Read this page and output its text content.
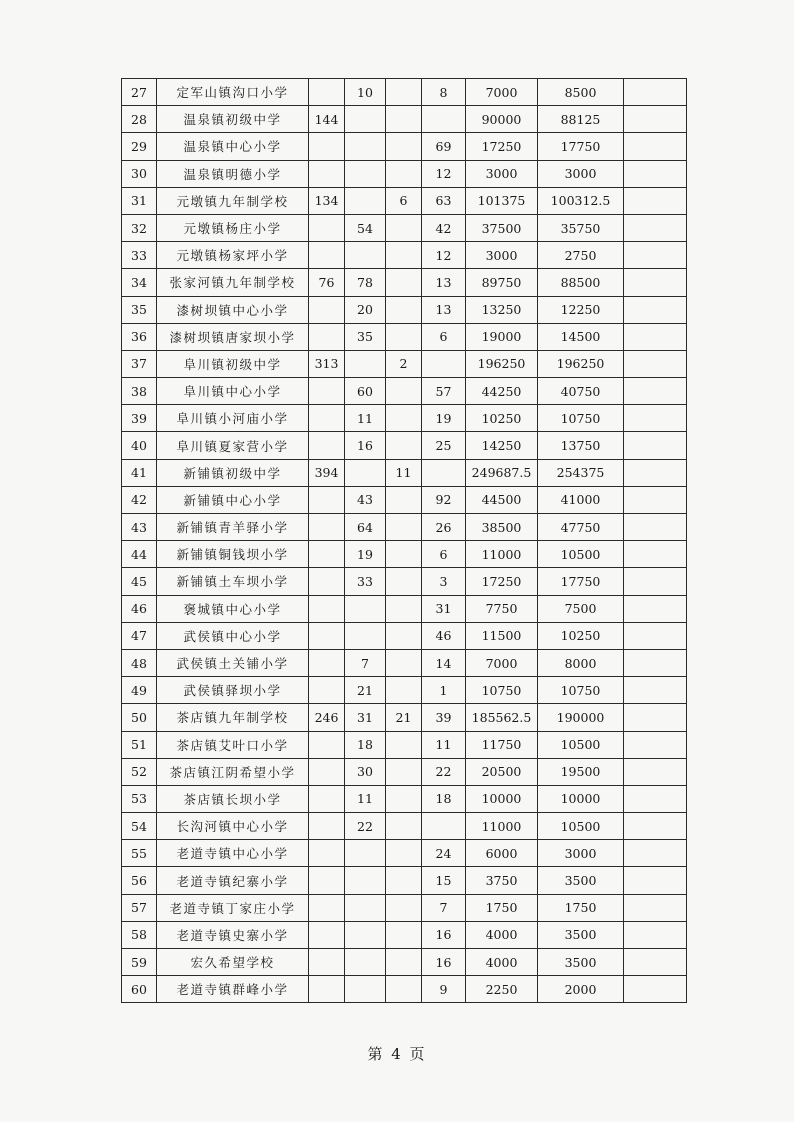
27	定军山镇沟口小学		10		8	7000	8500	
28	温泉镇初级中学	144				90000	88125	
29	温泉镇中心小学				69	17250	17750	
30	温泉镇明德小学				12	3000	3000	
31	元墩镇九年制学校	134		6	63	101375	100312.5	
32	元墩镇杨庄小学		54		42	37500	35750	
33	元墩镇杨家坪小学				12	3000	2750	
34	张家河镇九年制学校	76	78		13	89750	88500	
35	漆树坝镇中心小学		20		13	13250	12250	
36	漆树坝镇唐家坝小学		35		6	19000	14500	
37	阜川镇初级中学	313		2		196250	196250	
38	阜川镇中心小学		60		57	44250	40750	
39	阜川镇小河庙小学		11		19	10250	10750	
40	阜川镇夏家营小学		16		25	14250	13750	
41	新铺镇初级中学	394		11		249687.5	254375	
42	新铺镇中心小学		43		92	44500	41000	
43	新铺镇青羊驿小学		64		26	38500	47750	
44	新铺镇铜钱坝小学		19		6	11000	10500	
45	新铺镇土车坝小学		33		3	17250	17750	
46	褒城镇中心小学				31	7750	7500	
47	武侯镇中心小学				46	11500	10250	
48	武侯镇土关铺小学		7		14	7000	8000	
49	武侯镇驿坝小学		21		1	10750	10750	
50	茶店镇九年制学校	246	31	21	39	185562.5	190000	
51	茶店镇艾叶口小学		18		11	11750	10500	
52	茶店镇江阴希望小学		30		22	20500	19500	
53	茶店镇长坝小学		11		18	10000	10000	
54	长沟河镇中心小学		22			11000	10500	
55	老道寺镇中心小学				24	6000	3000	
56	老道寺镇纪寨小学				15	3750	3500	
57	老道寺镇丁家庄小学				7	1750	1750	
58	老道寺镇史寨小学				16	4000	3500	
59	宏久希望学校				16	4000	3500	
60	老道寺镇群峰小学				9	2250	2000	
第 4 页
